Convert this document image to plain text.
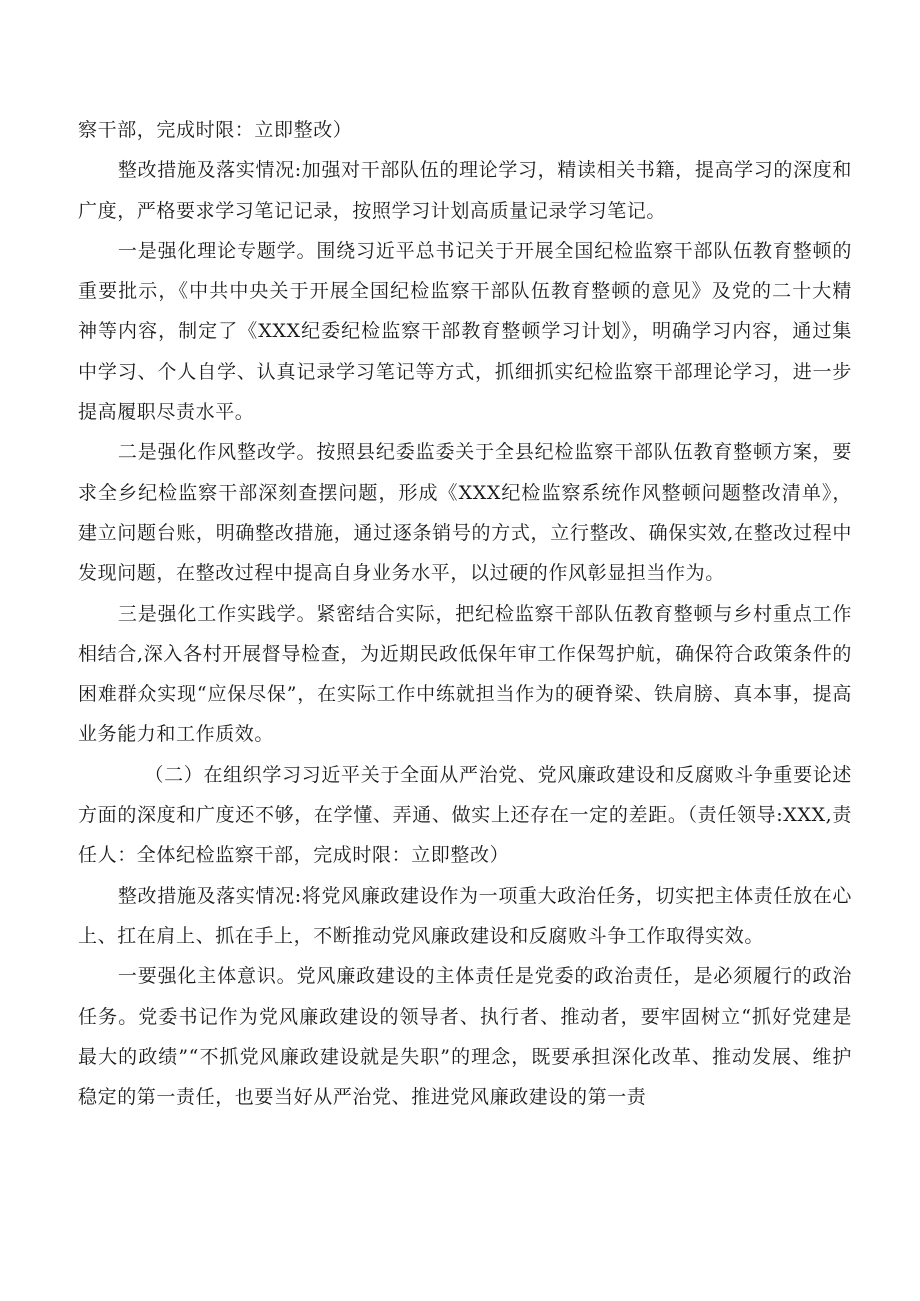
察干部，完成时限：立即整改）

整改措施及落实情况:加强对干部队伍的理论学习，精读相关书籍，提高学习的深度和广度，严格要求学习笔记记录，按照学习计划高质量记录学习笔记。

一是强化理论专题学。围绕习近平总书记关于开展全国纪检监察干部队伍教育整顿的重要批示，《中共中央关于开展全国纪检监察干部队伍教育整顿的意见》及党的二十大精神等内容，制定了《XXX纪委纪检监察干部教育整顿学习计划》，明确学习内容，通过集中学习、个人自学、认真记录学习笔记等方式，抓细抓实纪检监察干部理论学习，进一步提高履职尽责水平。

二是强化作风整改学。按照县纪委监委关于全县纪检监察干部队伍教育整顿方案，要求全乡纪检监察干部深刻查摆问题，形成《XXX纪检监察系统作风整顿问题整改清单》，建立问题台账，明确整改措施，通过逐条销号的方式，立行整改、确保实效,在整改过程中发现问题，在整改过程中提高自身业务水平，以过硬的作风彰显担当作为。

三是强化工作实践学。紧密结合实际，把纪检监察干部队伍教育整顿与乡村重点工作相结合,深入各村开展督导检查，为近期民政低保年审工作保驾护航，确保符合政策条件的困难群众实现“应保尽保”，在实际工作中练就担当作为的硬脊梁、铁肩膀、真本事，提高业务能力和工作质效。

（二）在组织学习习近平关于全面从严治党、党风廉政建设和反腐败斗争重要论述方面的深度和广度还不够，在学懂、弄通、做实上还存在一定的差距。（责任领导:XXX,责任人：全体纪检监察干部，完成时限：立即整改）

整改措施及落实情况:将党风廉政建设作为一项重大政治任务，切实把主体责任放在心上、扛在肩上、抓在手上，不断推动党风廉政建设和反腐败斗争工作取得实效。

一要强化主体意识。党风廉政建设的主体责任是党委的政治责任，是必须履行的政治任务。党委书记作为党风廉政建设的领导者、执行者、推动者，要牢固树立“抓好党建是最大的政绩”“不抓党风廉政建设就是失职”的理念，既要承担深化改革、推动发展、维护稳定的第一责任，也要当好从严治党、推进党风廉政建设的第一责
